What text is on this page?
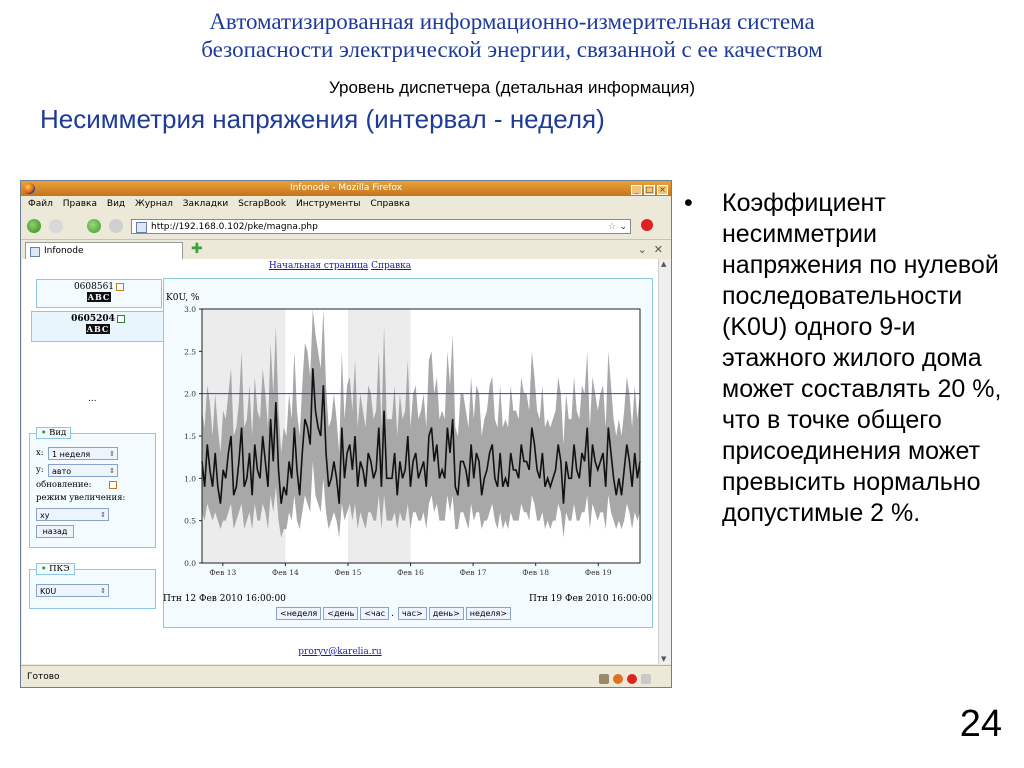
Автоматизированная информационно-измерительная система
безопасности электрической энергии, связанной с ее качеством
Уровень диспетчера (детальная информация)
Несимметрия напряжения (интервал - неделя)
• Коэффициент несимметрии напряжения по нулевой последовательности (K0U) одного 9-и этажного жилого дома может составлять 20 %, что в точке общего присоединения может превысить нормально допустимые 2 %.
24
Infonode - Mozilla Firefox	_ □ ×
Файл Правка Вид Журнал Закладки ScrapBook Инструменты Справка
http://192.168.0.102/pke/magna.php	☆ ⌄
Infonode	✚	⌄ ✕
Начальная страница Справка
0608561
ABC
0605204
ABC
...
• Вид
x:	1 неделя	⇕
y:	авто	⇕
обновление:
режим увеличения:
xy	⇕
назад
• ПКЭ
K0U	⇕
K0U, %
0.0
0.5
1.0
1.5
2.0
2.5
3.0
Фев 13	Фев 14	Фев 15	Фев 16	Фев 17	Фев 18	Фев 19
Птн 12 Фев 2010 16:00:00	Птн 19 Фев 2010 16:00:00
<неделя <день <час . час> день> неделя>
proryv@karelia.ru
▲
▼
Готово
